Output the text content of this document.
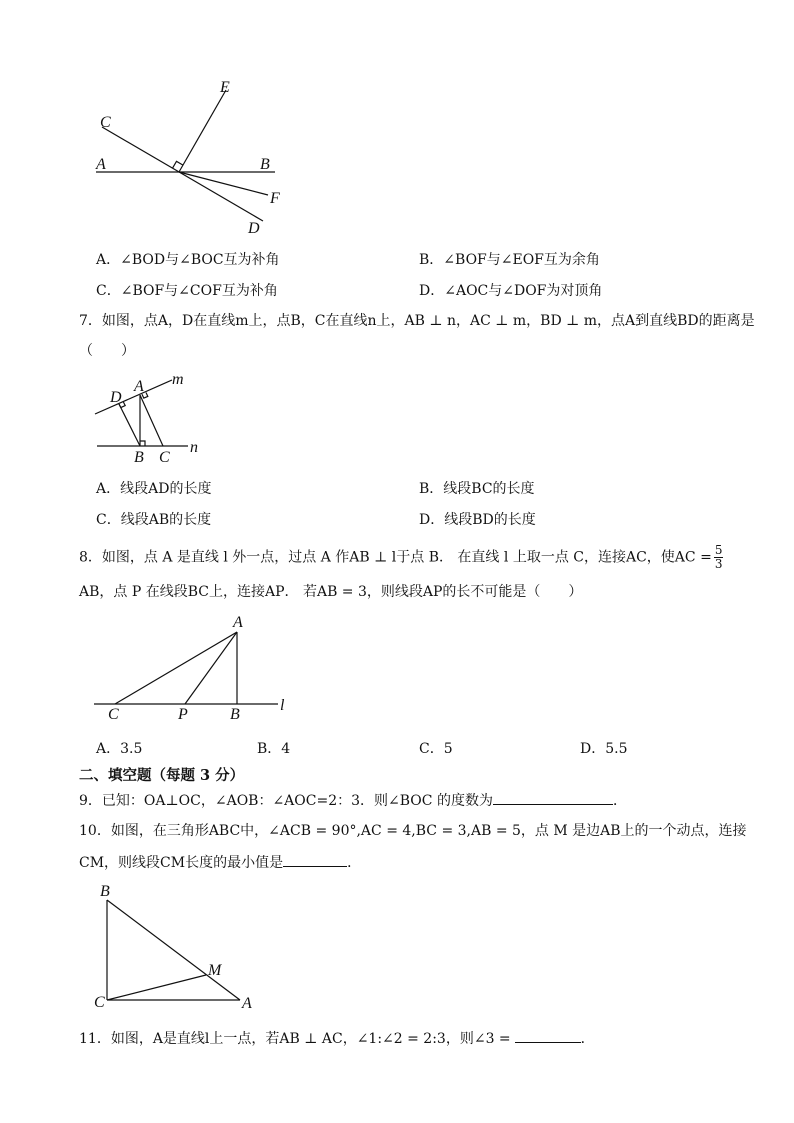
C
E
A	B
F
D
A．∠BOD与∠BOC互为补角	B．∠BOF与∠EOF互为余角
C．∠BOF与∠COF互为补角	D．∠AOC与∠DOF为对顶角
7．如图，点A，D在直线m上，点B，C在直线n上，AB ⊥ n，AC ⊥ m，BD ⊥ m，点A到直线BD的距离是
（　　）
D
A m
B C
n
A．线段AD的长度	B．线段BC的长度
C．线段AB的长度	D．线段BD的长度
8．如图，点 A 是直线 l 外一点，过点 A 作AB ⊥ l于点 B． 在直线 l 上取一点 C，连接AC，使AC = $\frac{5}{3}$
AB，点 P 在线段BC上，连接AP． 若AB = 3，则线段AP的长不可能是（　　）
A
C	P	B
l
A．3.5	B．4	C．5	D．5.5
二、填空题（每题 3 分）
9．已知：OA⊥OC，∠AOB：∠AOC=2：3．则∠BOC 的度数为	．
10．如图，在三角形ABC中，∠ACB = 90°,AC = 4,BC = 3,AB = 5，点 M 是边AB上的一个动点，连接
CM，则线段CM长度的最小值是	．
B
M
C	A
11．如图，A是直线l上一点，若AB ⊥ AC，∠1:∠2 = 2:3，则∠3 =	．
